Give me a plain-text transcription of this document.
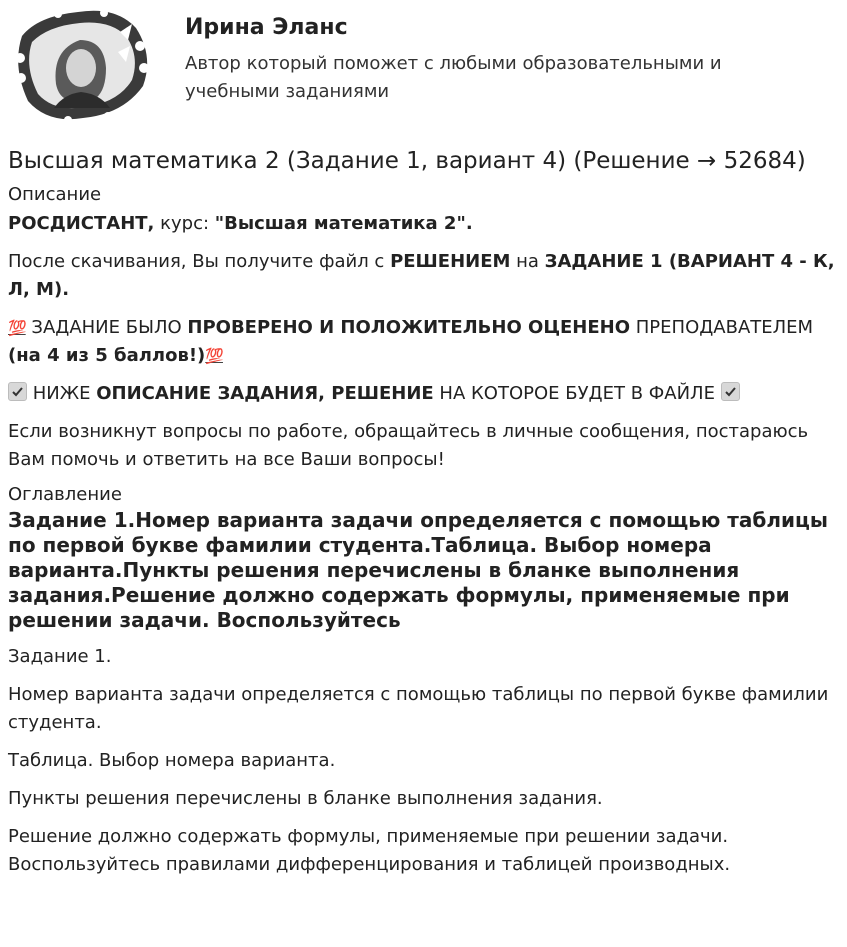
Ирина Эланс
Автор который поможет с любыми образовательными и учебными заданиями
Высшая математика 2 (Задание 1, вариант 4) (Решение → 52684)
Описание
РОСДИСТАНТ, курс: "Высшая математика 2".
После скачивания, Вы получите файл с РЕШЕНИЕМ на ЗАДАНИЕ 1 (ВАРИАНТ 4 - К, Л, М).
💯 ЗАДАНИЕ БЫЛО ПРОВЕРЕНО И ПОЛОЖИТЕЛЬНО ОЦЕНЕНО ПРЕПОДАВАТЕЛЕМ (на 4 из 5 баллов!)💯
НИЖЕ ОПИСАНИЕ ЗАДАНИЯ, РЕШЕНИЕ НА КОТОРОЕ БУДЕТ В ФАЙЛЕ
Если возникнут вопросы по работе, обращайтесь в личные сообщения, постараюсь Вам помочь и ответить на все Ваши вопросы!
Оглавление
Задание 1.Номер варианта задачи определяется с помощью таблицы по первой букве фамилии студента.Таблица. Выбор номера варианта.Пункты решения перечислены в бланке выполнения задания.Решение должно содержать формулы, применяемые при решении задачи. Воспользуйтесь
Задание 1.
Номер варианта задачи определяется с помощью таблицы по первой букве фамилии студента.
Таблица. Выбор номера варианта.
Пункты решения перечислены в бланке выполнения задания.
Решение должно содержать формулы, применяемые при решении задачи. Воспользуйтесь правилами дифференцирования и таблицей производных.
